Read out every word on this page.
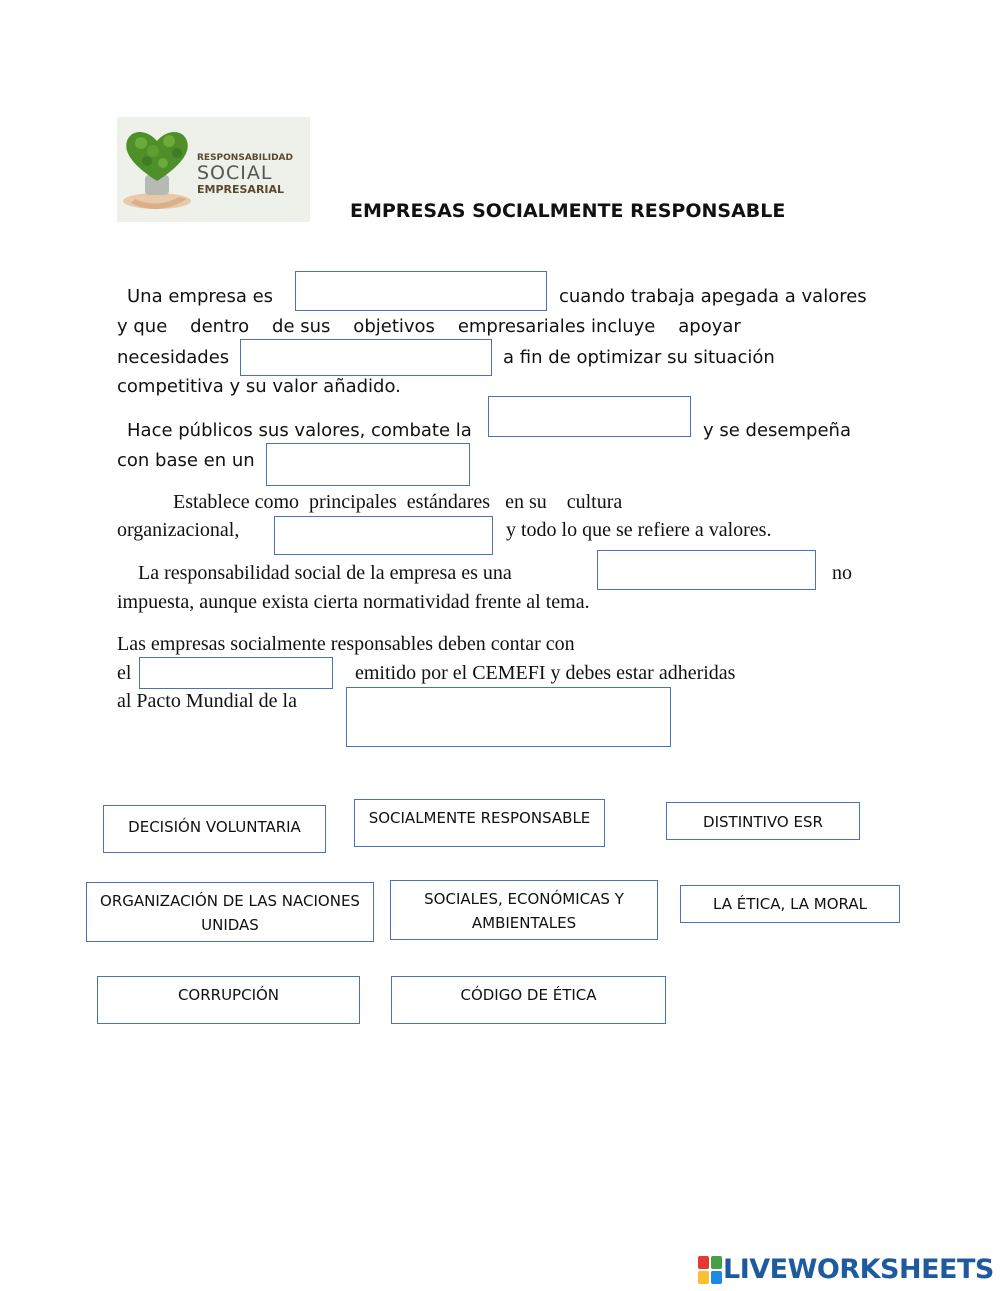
RESPONSABILIDAD
SOCIAL
EMPRESARIAL
EMPRESAS SOCIALMENTE RESPONSABLE
Una empresa es	cuando trabaja apegada a valores
y que    dentro    de sus    objetivos    empresariales incluye    apoyar
necesidades	a fin de optimizar su situación
competitiva y su valor añadido.
Hace públicos sus valores, combate la	y se desempeña
con base en un
Establece como  principales  estándares   en su    cultura
organizacional,	y todo lo que se refiere a valores.
La responsabilidad social de la empresa es una	no
impuesta, aunque exista cierta normatividad frente al tema.
Las empresas socialmente responsables deben contar con
el	emitido por el CEMEFI y debes estar adheridas
al Pacto Mundial de la
DECISIÓN VOLUNTARIA	SOCIALMENTE RESPONSABLE	DISTINTIVO ESR
ORGANIZACIÓN DE LAS NACIONES UNIDAS
SOCIALES, ECONÓMICAS Y AMBIENTALES
LA ÉTICA, LA MORAL
CORRUPCIÓN	CÓDIGO DE ÉTICA
LIVEWORKSHEETS
